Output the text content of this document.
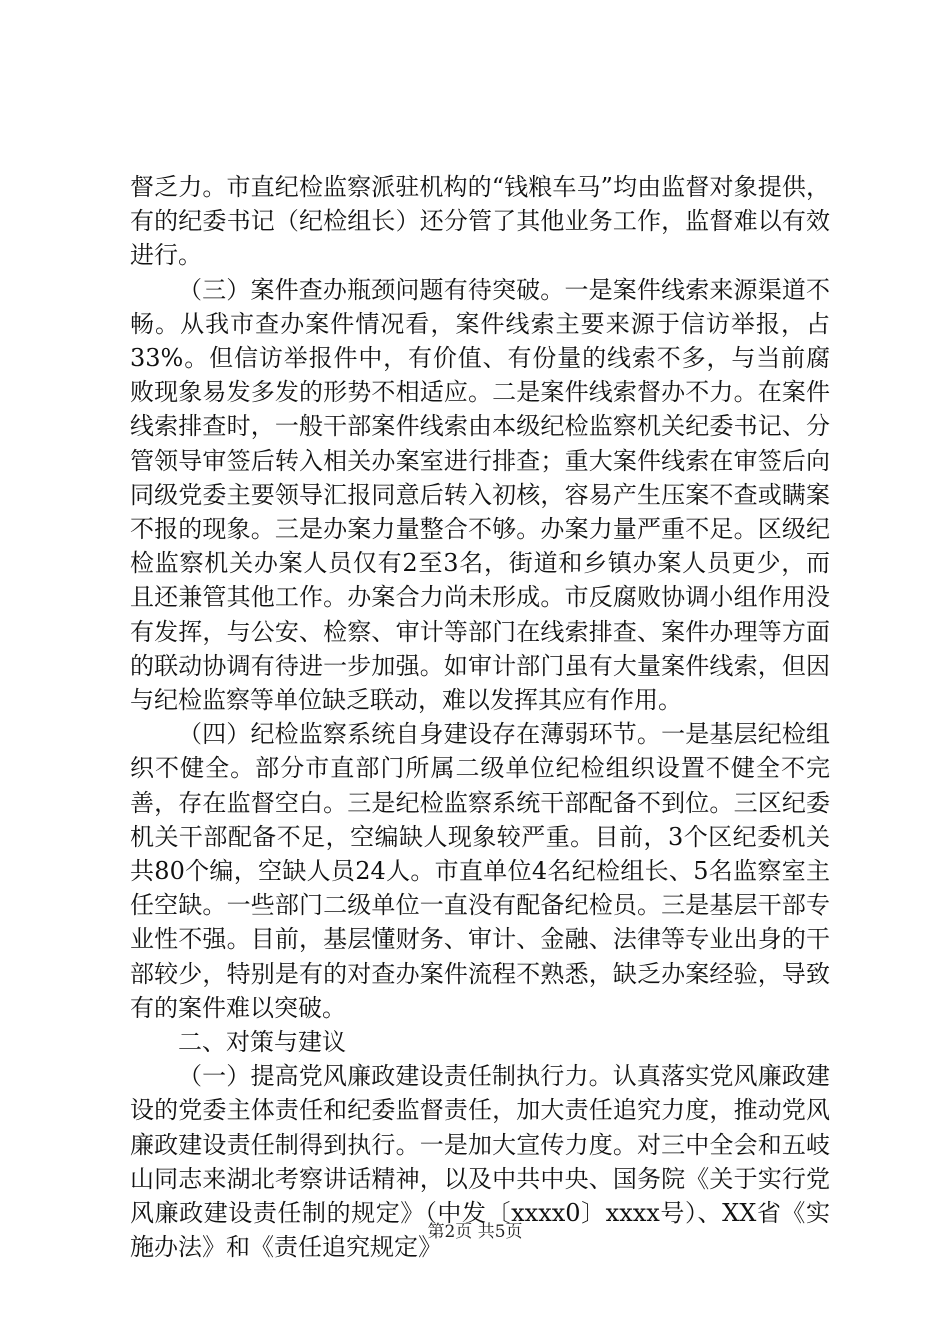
督乏力。市直纪检监察派驻机构的“钱粮车马”均由监督对象提供，有的纪委书记（纪检组长）还分管了其他业务工作，监督难以有效进行。

（三）案件查办瓶颈问题有待突破。一是案件线索来源渠道不畅。从我市查办案件情况看，案件线索主要来源于信访举报，占33%。但信访举报件中，有价值、有份量的线索不多，与当前腐败现象易发多发的形势不相适应。二是案件线索督办不力。在案件线索排查时，一般干部案件线索由本级纪检监察机关纪委书记、分管领导审签后转入相关办案室进行排查；重大案件线索在审签后向同级党委主要领导汇报同意后转入初核，容易产生压案不查或瞒案不报的现象。三是办案力量整合不够。办案力量严重不足。区级纪检监察机关办案人员仅有2至3名，街道和乡镇办案人员更少，而且还兼管其他工作。办案合力尚未形成。市反腐败协调小组作用没有发挥，与公安、检察、审计等部门在线索排查、案件办理等方面的联动协调有待进一步加强。如审计部门虽有大量案件线索，但因与纪检监察等单位缺乏联动，难以发挥其应有作用。

（四）纪检监察系统自身建设存在薄弱环节。一是基层纪检组织不健全。部分市直部门所属二级单位纪检组织设置不健全不完善，存在监督空白。三是纪检监察系统干部配备不到位。三区纪委机关干部配备不足，空编缺人现象较严重。目前，3个区纪委机关共80个编，空缺人员24人。市直单位4名纪检组长、5名监察室主任空缺。一些部门二级单位一直没有配备纪检员。三是基层干部专业性不强。目前，基层懂财务、审计、金融、法律等专业出身的干部较少，特别是有的对查办案件流程不熟悉，缺乏办案经验，导致有的案件难以突破。

二、对策与建议

（一）提高党风廉政建设责任制执行力。认真落实党风廉政建设的党委主体责任和纪委监督责任，加大责任追究力度，推动党风廉政建设责任制得到执行。一是加大宣传力度。对三中全会和五岐山同志来湖北考察讲话精神，以及中共中央、国务院《关于实行党风廉政建设责任制的规定》（中发〔xxxx0〕xxxx号）、XX省《实施办法》和《责任追究规定》

第2页 共5页
